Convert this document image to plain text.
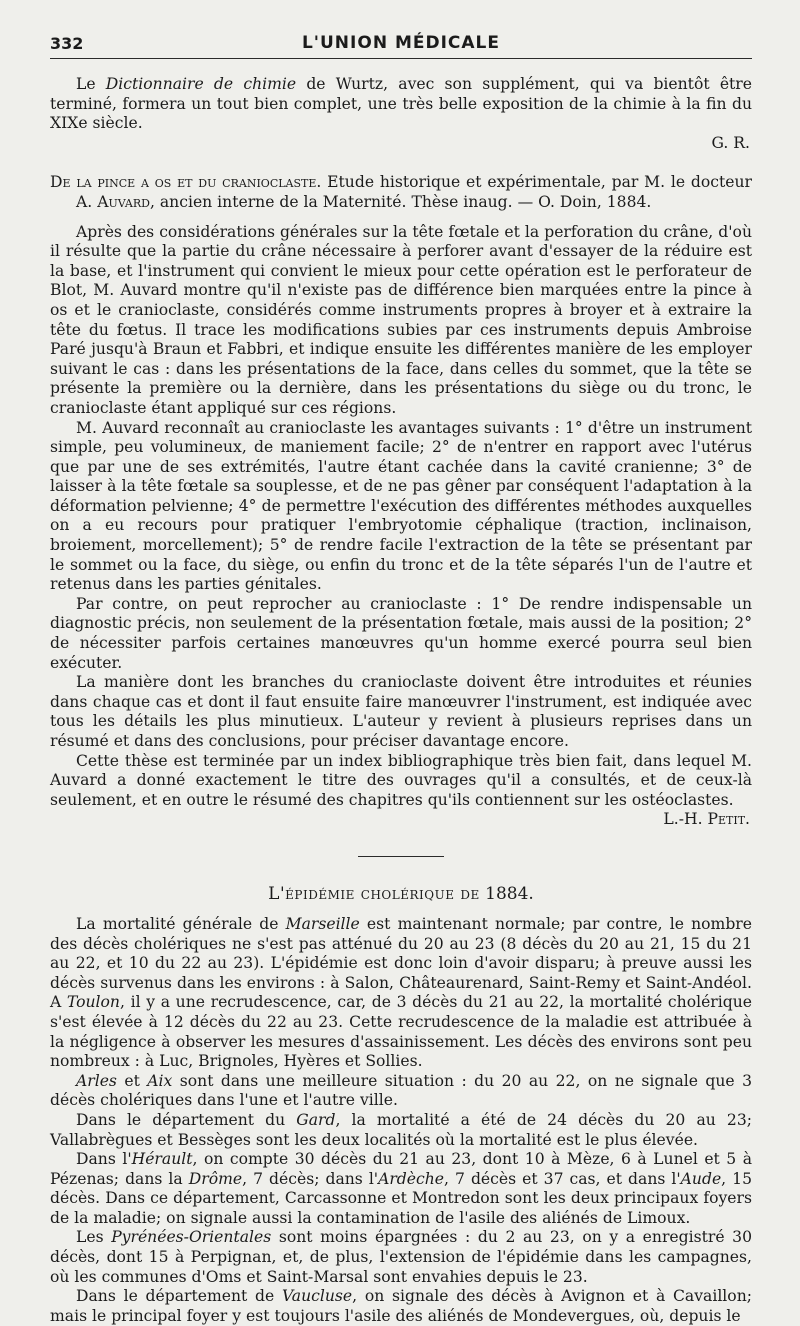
332	L'UNION MÉDICALE

Le Dictionnaire de chimie de Wurtz, avec son supplément, qui va bientôt être terminé, formera un tout bien complet, une très belle exposition de la chimie à la fin du XIXe siècle.

G. R.

De la pince a os et du cranioclaste. Etude historique et expérimentale, par M. le docteur A. Auvard, ancien interne de la Maternité. Thèse inaug. — O. Doin, 1884.

Après des considérations générales sur la tête fœtale et la perforation du crâne, d'où il résulte que la partie du crâne nécessaire à perforer avant d'essayer de la réduire est la base, et l'instrument qui convient le mieux pour cette opération est le perforateur de Blot, M. Auvard montre qu'il n'existe pas de différence bien marquées entre la pince à os et le cranioclaste, considérés comme instruments propres à broyer et à extraire la tête du fœtus. Il trace les modifications subies par ces instruments depuis Ambroise Paré jusqu'à Braun et Fabbri, et indique ensuite les différentes manière de les employer suivant le cas : dans les présentations de la face, dans celles du sommet, que la tête se présente la première ou la dernière, dans les présentations du siège ou du tronc, le cranioclaste étant appliqué sur ces régions.

M. Auvard reconnaît au cranioclaste les avantages suivants : 1° d'être un instrument simple, peu volumineux, de maniement facile; 2° de n'entrer en rapport avec l'utérus que par une de ses extrémités, l'autre étant cachée dans la cavité cranienne; 3° de laisser à la tête fœtale sa souplesse, et de ne pas gêner par conséquent l'adaptation à la déformation pelvienne; 4° de permettre l'exécution des différentes méthodes auxquelles on a eu recours pour pratiquer l'embryotomie céphalique (traction, inclinaison, broiement, morcellement); 5° de rendre facile l'extraction de la tête se présentant par le sommet ou la face, du siège, ou enfin du tronc et de la tête séparés l'un de l'autre et retenus dans les parties génitales.

Par contre, on peut reprocher au cranioclaste : 1° De rendre indispensable un diagnostic précis, non seulement de la présentation fœtale, mais aussi de la position; 2° de nécessiter parfois certaines manœuvres qu'un homme exercé pourra seul bien exécuter.

La manière dont les branches du cranioclaste doivent être introduites et réunies dans chaque cas et dont il faut ensuite faire manœuvrer l'instrument, est indiquée avec tous les détails les plus minutieux. L'auteur y revient à plusieurs reprises dans un résumé et dans des conclusions, pour préciser davantage encore.

Cette thèse est terminée par un index bibliographique très bien fait, dans lequel M. Auvard a donné exactement le titre des ouvrages qu'il a consultés, et de ceux-là seulement, et en outre le résumé des chapitres qu'ils contiennent sur les ostéoclastes.

L.-H. Petit.
L'épidémie cholérique de 1884.

La mortalité générale de Marseille est maintenant normale; par contre, le nombre des décès cholériques ne s'est pas atténué du 20 au 23 (8 décès du 20 au 21, 15 du 21 au 22, et 10 du 22 au 23). L'épidémie est donc loin d'avoir disparu; à preuve aussi les décès survenus dans les environs : à Salon, Châteaurenard, Saint-Remy et Saint-Andéol. A Toulon, il y a une recrudescence, car, de 3 décès du 21 au 22, la mortalité cholérique s'est élevée à 12 décès du 22 au 23. Cette recrudescence de la maladie est attribuée à la négligence à observer les mesures d'assainissement. Les décès des environs sont peu nombreux : à Luc, Brignoles, Hyères et Sollies.

Arles et Aix sont dans une meilleure situation : du 20 au 22, on ne signale que 3 décès cholériques dans l'une et l'autre ville.

Dans le département du Gard, la mortalité a été de 24 décès du 20 au 23; Vallabrègues et Bessèges sont les deux localités où la mortalité est le plus élevée.

Dans l'Hérault, on compte 30 décès du 21 au 23, dont 10 à Mèze, 6 à Lunel et 5 à Pézenas; dans la Drôme, 7 décès; dans l'Ardèche, 7 décès et 37 cas, et dans l'Aude, 15 décès. Dans ce département, Carcassonne et Montredon sont les deux principaux foyers de la maladie; on signale aussi la contamination de l'asile des aliénés de Limoux.

Les Pyrénées-Orientales sont moins épargnées : du 2 au 23, on y a enregistré 30 décès, dont 15 à Perpignan, et, de plus, l'extension de l'épidémie dans les campagnes, où les communes d'Oms et Saint-Marsal sont envahies depuis le 23.

Dans le département de Vaucluse, on signale des décès à Avignon et à Cavaillon; mais le principal foyer y est toujours l'asile des aliénés de Mondevergues, où, depuis le
